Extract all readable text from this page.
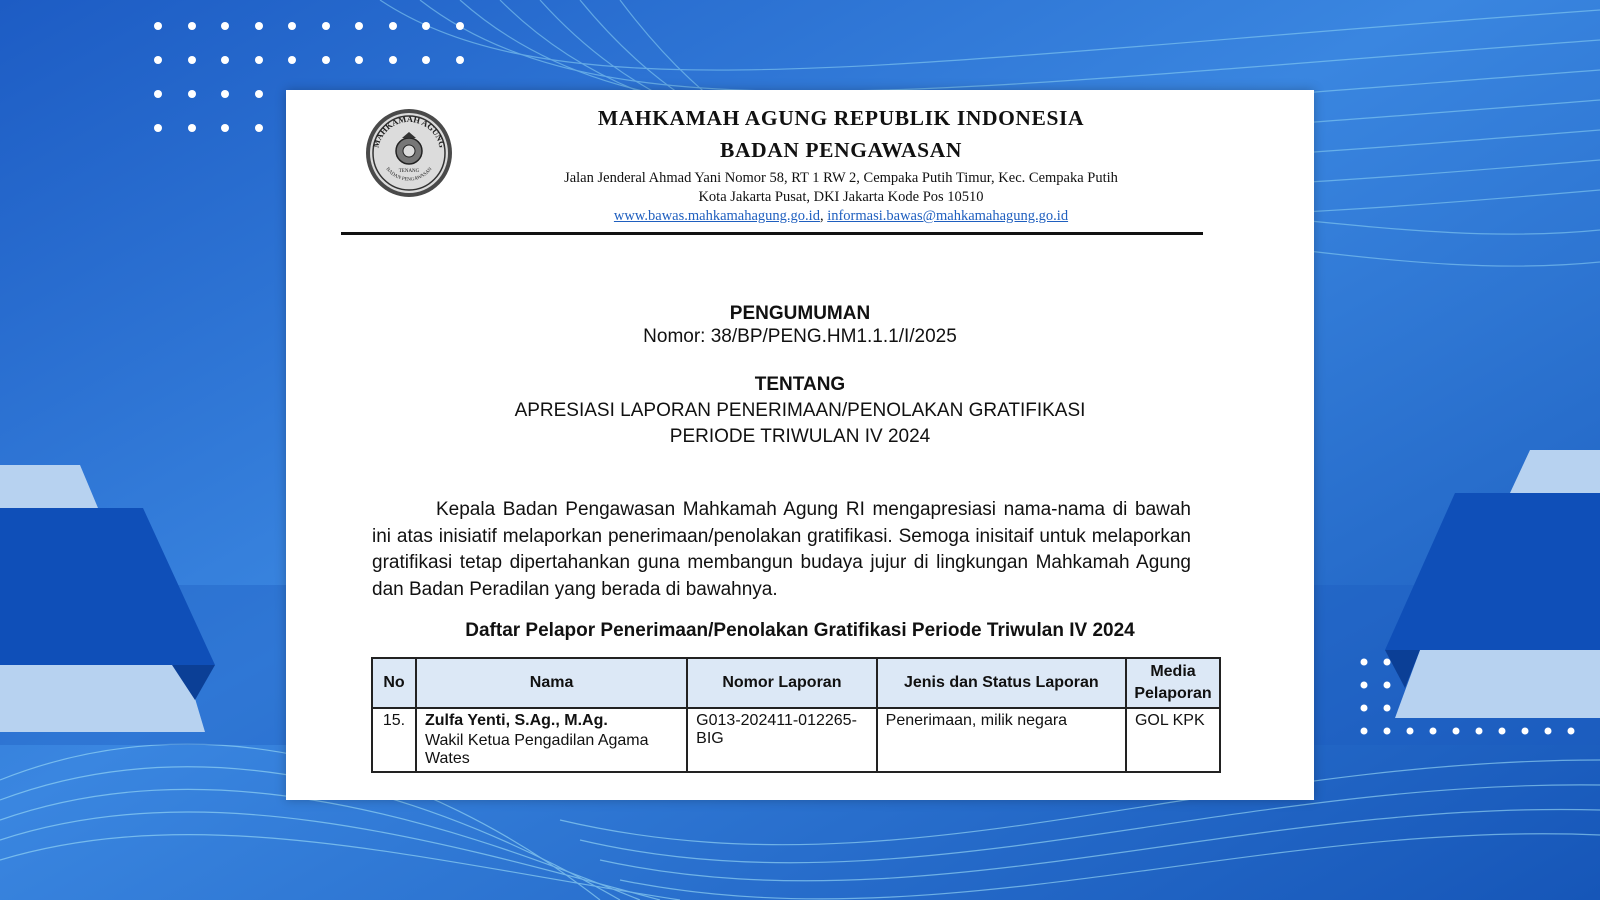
MAHKAMAH AGUNG
TENANG
BADAN PENGAWASAN
MAHKAMAH AGUNG REPUBLIK INDONESIA
BADAN PENGAWASAN
Jalan Jenderal Ahmad Yani Nomor 58, RT 1 RW 2, Cempaka Putih Timur, Kec. Cempaka Putih
Kota Jakarta Pusat, DKI Jakarta Kode Pos 10510
www.bawas.mahkamahagung.go.id, informasi.bawas@mahkamahagung.go.id
PENGUMUMAN
Nomor: 38/BP/PENG.HM1.1.1/I/2025
TENTANG
APRESIASI LAPORAN PENERIMAAN/PENOLAKAN GRATIFIKASI
PERIODE TRIWULAN IV 2024
Kepala Badan Pengawasan Mahkamah Agung RI mengapresiasi nama-nama di bawah ini atas inisiatif melaporkan penerimaan/penolakan gratifikasi. Semoga inisitaif untuk melaporkan gratifikasi tetap dipertahankan guna membangun budaya jujur di lingkungan Mahkamah Agung dan Badan Peradilan yang berada di bawahnya.
Daftar Pelapor Penerimaan/Penolakan Gratifikasi Periode Triwulan IV 2024
No	Nama	Nomor Laporan	Jenis dan Status Laporan	Media
Pelaporan
15.	Zulfa Yenti, S.Ag., M.Ag.
Wakil Ketua Pengadilan Agama Wates	G013-202411-012265-BIG	Penerimaan, milik negara	GOL KPK
